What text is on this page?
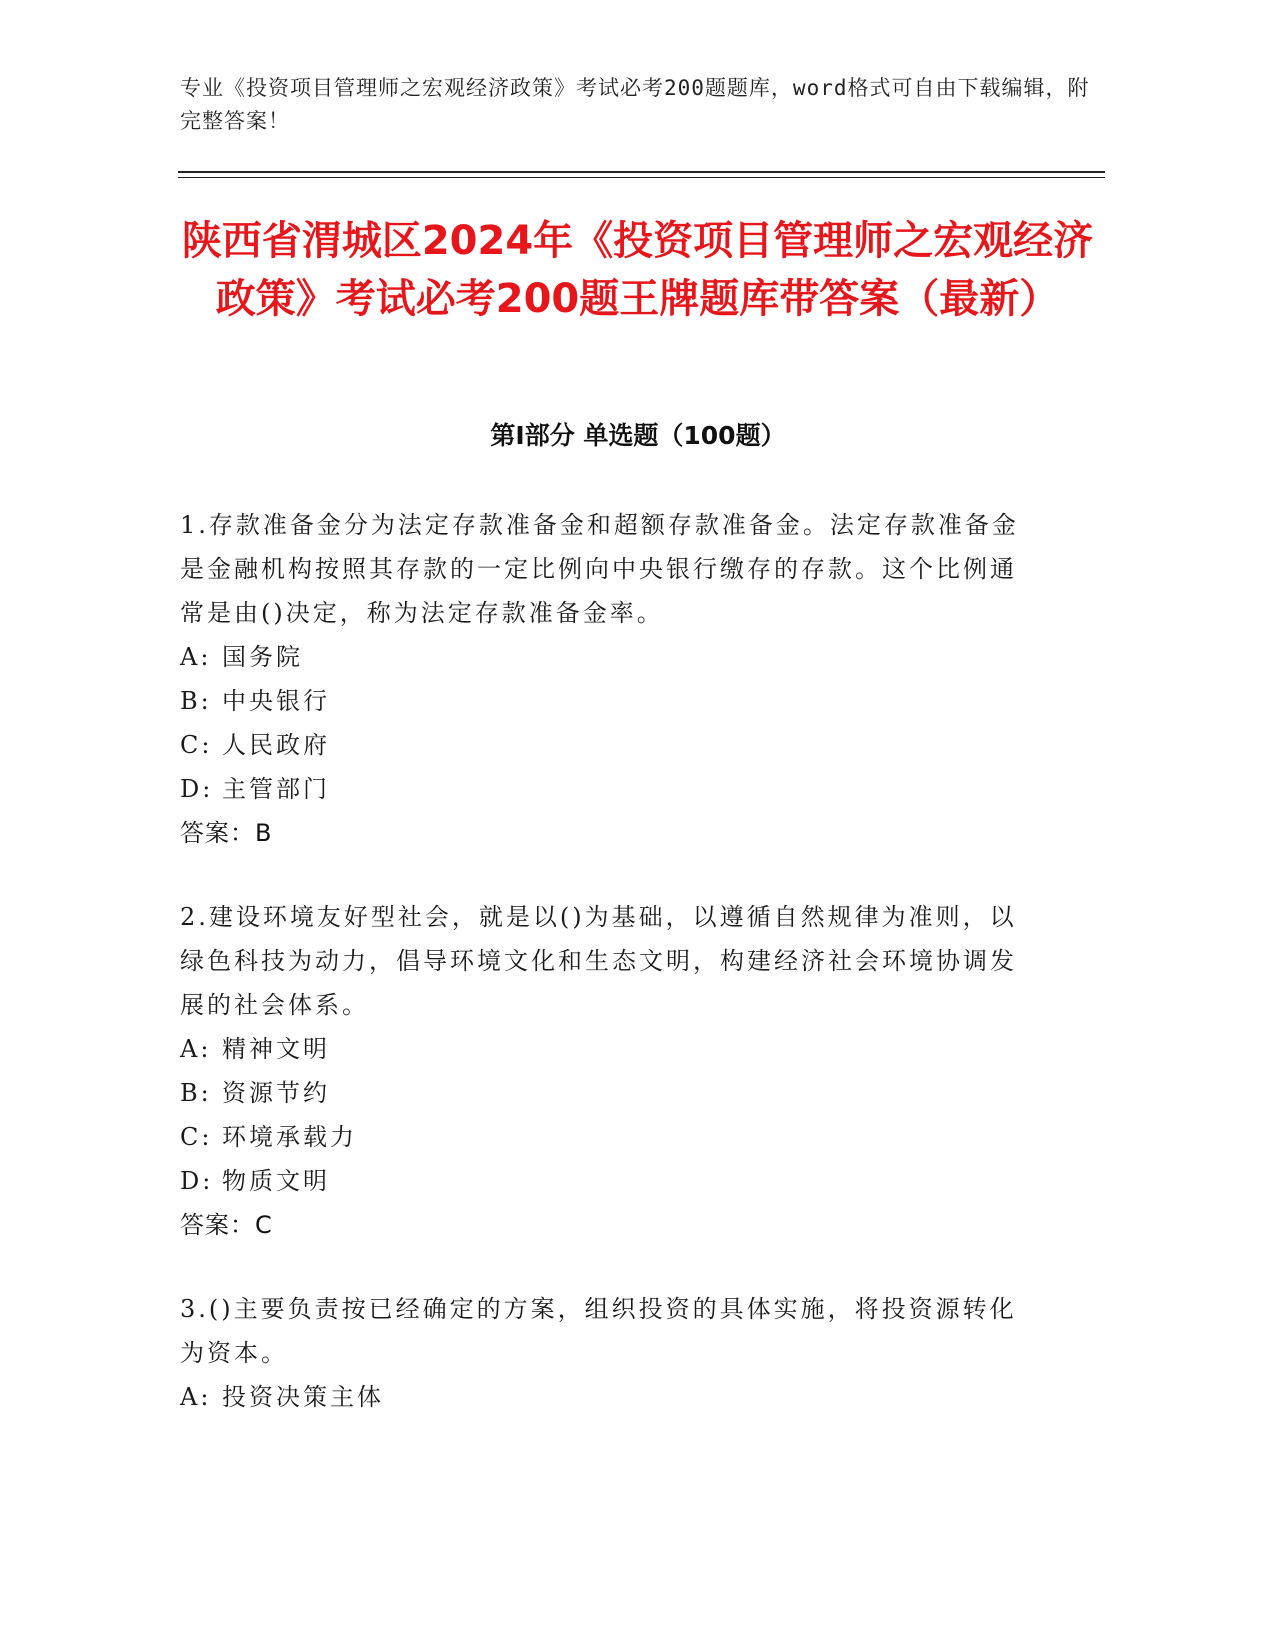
专业《投资项目管理师之宏观经济政策》考试必考200题题库，word格式可自由下载编辑，附完整答案！

陕西省渭城区2024年《投资项目管理师之宏观经济政策》考试必考200题王牌题库带答案（最新）
第Ⅰ部分 单选题（100题）

1.存款准备金分为法定存款准备金和超额存款准备金。法定存款准备金是金融机构按照其存款的一定比例向中央银行缴存的存款。这个比例通常是由()决定，称为法定存款准备金率。

A: 国务院
B: 中央银行
C: 人民政府
D: 主管部门

答案：B

2.建设环境友好型社会，就是以()为基础，以遵循自然规律为准则，以绿色科技为动力，倡导环境文化和生态文明，构建经济社会环境协调发展的社会体系。

A: 精神文明
B: 资源节约
C: 环境承载力
D: 物质文明

答案：C

3.()主要负责按已经确定的方案，组织投资的具体实施，将投资源转化为资本。

A: 投资决策主体
